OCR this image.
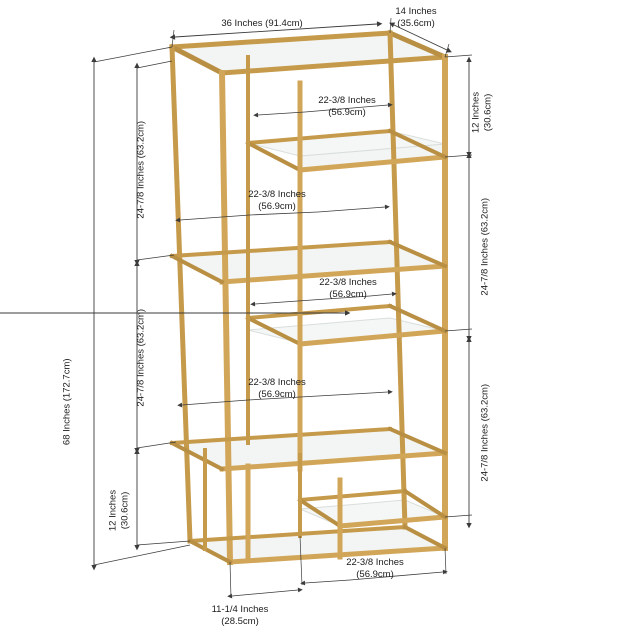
36 Inches (91.4cm)
14 Inches
(35.6cm)
68 Inches (172.7cm)
24-7/8 Inches (63.2cm)
24-7/8 Inches (63.2cm)
12 Inches (30.6cm)
12 Inches (30.6cm)
24-7/8 Inches (63.2cm)
24-7/8 Inches (63.2cm)
22-3/8 Inches
(56.9cm)
22-3/8 Inches
(56.9cm)
22-3/8 Inches
(56.9cm)
22-3/8 Inches
(56.9cm)
22-3/8 Inches
(56.9cm)
11-1/4 Inches
(28.5cm)
